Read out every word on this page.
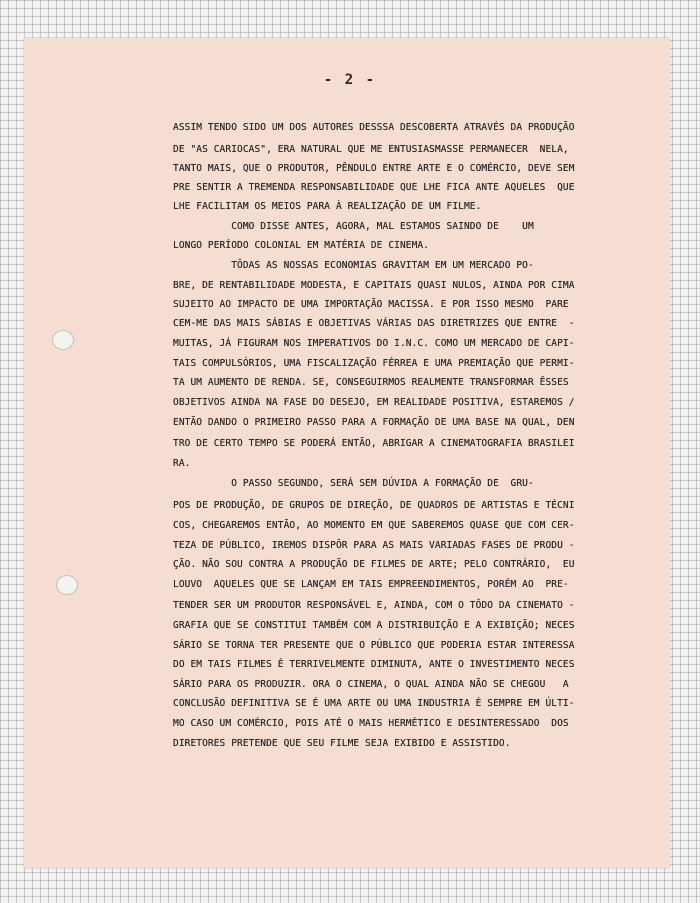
- 2 -
ASSIM TENDO SIDO UM DOS AUTORES DESSSA DESCOBERTA ATRAVÉS DA PRODUÇÃO
DE "AS CARIOCAS", ERA NATURAL QUE ME ENTUSIASMASSE PERMANECER  NELA,
TANTO MAIS, QUE O PRODUTOR, PÊNDULO ENTRE ARTE E O COMÉRCIO, DEVE SEM
PRE SENTIR A TREMENDA RESPONSABILIDADE QUE LHE FICA ANTE AQUELES  QUE
LHE FACILITAM OS MEIOS PARA À REALIZAÇÃO DE UM FILME.
COMO DISSE ANTES, AGORA, MAL ESTAMOS SAINDO DE    UM
LONGO PERÍODO COLONIAL EM MATÉRIA DE CINEMA.
TÔDAS AS NOSSAS ECONOMIAS GRAVITAM EM UM MERCADO PO-
BRE, DE RENTABILIDADE MODESTA, E CAPITAIS QUASI NULOS, AINDA POR CIMA
SUJEITO AO IMPACTO DE UMA IMPORTAÇÃO MACISSA. E POR ISSO MESMO  PARE
CEM-ME DAS MAIS SÁBIAS E OBJETIVAS VÁRIAS DAS DIRETRIZES QUE ENTRE  -
MUITAS, JÁ FIGURAM NOS IMPERATIVOS DO I.N.C. COMO UM MERCADO DE CAPI-
TAIS COMPULSÓRIOS, UMA FISCALIZAÇÃO FÉRREA E UMA PREMIAÇÃO QUE PERMI-
TA UM AUMENTO DE RENDA. SE, CONSEGUIRMOS REALMENTE TRANSFORMAR ÊSSES
OBJETIVOS AINDA NA FASE DO DESEJO, EM REALIDADE POSITIVA, ESTAREMOS /
ENTÃO DANDO O PRIMEIRO PASSO PARA A FORMAÇÃO DE UMA BASE NA QUAL, DEN
TRO DE CERTO TEMPO SE PODERÁ ENTÃO, ABRIGAR A CINEMATOGRAFIA BRASILEI
RA.
O PASSO SEGUNDO, SERÁ SEM DÚVIDA A FORMAÇÃO DE  GRU-
POS DE PRODUÇÃO, DE GRUPOS DE DIREÇÃO, DE QUADROS DE ARTISTAS E TÉCNI
COS, CHEGAREMOS ENTÃO, AO MOMENTO EM QUE SABEREMOS QUASE QUE COM CER-
TEZA DE PÚBLICO, IREMOS DISPÔR PARA AS MAIS VARIADAS FASES DE PRODU -
ÇÃO. NÃO SOU CONTRA A PRODUÇÃO DE FILMES DE ARTE; PELO CONTRÁRIO,  EU
LOUVO  AQUELES QUE SE LANÇAM EM TAIS EMPREENDIMENTOS, PORÉM AO  PRE-
TENDER SER UM PRODUTOR RESPONSÁVEL E, AINDA, COM O TÔDO DA CINEMATO -
GRAFIA QUE SE CONSTITUI TAMBÉM COM A DISTRIBUIÇÃO E A EXIBIÇÃO; NECES
SÁRIO SE TORNA TER PRESENTE QUE O PÚBLICO QUE PODERIA ESTAR INTERESSA
DO EM TAIS FILMES É TERRIVELMENTE DIMINUTA, ANTE O INVESTIMENTO NECES
SÁRIO PARA OS PRODUZIR. ORA O CINEMA, O QUAL AINDA NÃO SE CHEGOU   A
CONCLUSÃO DEFINITIVA SE É UMA ARTE OU UMA INDUSTRIA É SEMPRE EM ÚLTI-
MO CASO UM COMÉRCIO, POIS ATÉ O MAIS HERMÉTICO E DESINTERESSADO  DOS
DIRETORES PRETENDE QUE SEU FILME SEJA EXIBIDO E ASSISTIDO.
